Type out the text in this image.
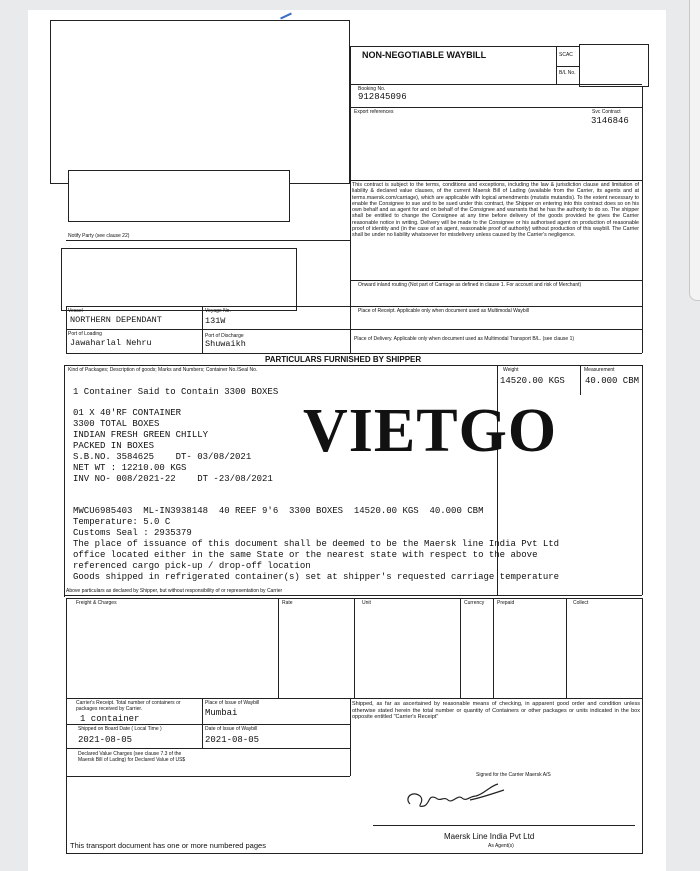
Notify Party (see clause 22)
NON-NEGOTIABLE WAYBILL	SCAC
B/L No.
Booking No.
912845096
Export references	Svc Contract
3146846
This contract is subject to the terms, conditions and exceptions, including the law & jurisdiction clause and limitation of liability & declared value clauses, of the current Maersk Bill of Lading (available from the Carrier, its agents and at terms.maersk.com/carriage), which are applicable with logical amendments (mutatis mutandis). To the extent necessary to enable the Consignee to sue and to be sued under this contract, the Shipper on entering into this contract does so on his own behalf and as agent for and on behalf of the Consignee and warrants that he has the authority to do so. The shipper shall be entitled to change the Consignee at any time before delivery of the goods provided he gives the Carrier reasonable notice in writing. Delivery will be made to the Consignee or his authorised agent on production of reasonable proof of identity and (in the case of an agent, reasonable proof of authority) without production of this waybill. The Carrier shall be under no liability whatsoever for misdelivery unless caused by the Carrier's negligence.
Onward inland routing (Not part of Carriage as defined in clause 1. For account and risk of Merchant)
Vessel
NORTHERN DEPENDANT
Voyage No.
131W
Place of Receipt. Applicable only when document used as Multimodal Waybill
Port of Loading
Jawaharlal Nehru
Port of Discharge
Shuwaikh	Place of Delivery. Applicable only when document used as Multimodal Transport B/L. (see clause 1)
PARTICULARS FURNISHED BY SHIPPER
Kind of Packages; Description of goods; Marks and Numbers; Container No./Seal No.	Weight
14520.00 KGS
Measurement
40.000 CBM
1 Container Said to Contain 3300 BOXES
01 X 40'RF CONTAINER
3300 TOTAL BOXES
INDIAN FRESH GREEN CHILLY
PACKED IN BOXES
S.B.NO. 3584625    DT- 03/08/2021
NET WT : 12210.00 KGS
INV NO- 008/2021-22    DT -23/08/2021
MWCU6985403  ML-IN3938148  40 REEF 9'6  3300 BOXES  14520.00 KGS  40.000 CBM
Temperature: 5.0 C
Customs Seal : 2935379
The place of issuance of this document shall be deemed to be the Maersk line India Pvt Ltd
office located either in the same State or the nearest state with respect to the above
referenced cargo pick-up / drop-off location
Goods shipped in refrigerated container(s) set at shipper's requested carriage temperature
VIETGO
Above particulars as declared by Shipper, but without responsibility of or representation by Carrier
Freight & Charges	Rate	Unit	Currency	Prepaid	Collect
Carrier's Receipt. Total number of containers or packages received by Carrier.
1 container
Place of Issue of Waybill
Mumbai
Shipped on Board Date ( Local Time )
2021-08-05
Date of Issue of Waybill
2021-08-05
Declared Value Charges (see clause 7.3 of the Maersk Bill of Lading) for Declared Value of US$
Shipped, as far as ascertained by reasonable means of checking, in apparent good order and condition unless otherwise stated herein the total number or quantity of Containers or other packages or units indicated in the box opposite entitled "Carrier's Receipt"
Signed for the Carrier Maersk A/S
Maersk Line India Pvt Ltd
As Agent(s)
This transport document has one or more numbered pages
